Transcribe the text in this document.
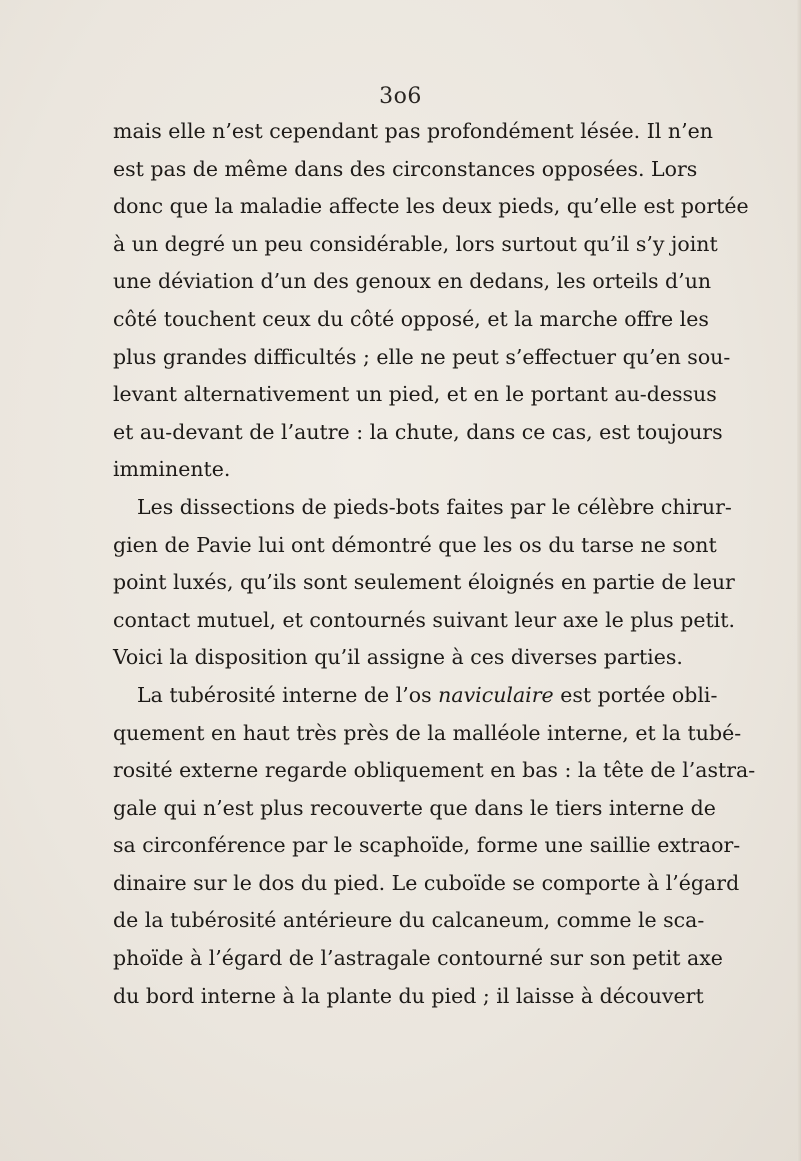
3o6
mais elle n’est cependant pas profondément lésée. Il n’en
est pas de même dans des circonstances opposées. Lors
donc que la maladie affecte les deux pieds, qu’elle est portée
à un degré un peu considérable, lors surtout qu’il s’y joint
une déviation d’un des genoux en dedans, les orteils d’un
côté touchent ceux du côté opposé, et la marche offre les
plus grandes difficultés ; elle ne peut s’effectuer qu’en sou-
levant alternativement un pied, et en le portant au-dessus
et au-devant de l’autre : la chute, dans ce cas, est toujours
imminente.
Les dissections de pieds-bots faites par le célèbre chirur-
gien de Pavie lui ont démontré que les os du tarse ne sont
point luxés, qu’ils sont seulement éloignés en partie de leur
contact mutuel, et contournés suivant leur axe le plus petit.
Voici la disposition qu’il assigne à ces diverses parties.
La tubérosité interne de l’os naviculaire est portée obli-
quement en haut très près de la malléole interne, et la tubé-
rosité externe regarde obliquement en bas : la tête de l’astra-
gale qui n’est plus recouverte que dans le tiers interne de
sa circonférence par le scaphoïde, forme une saillie extraor-
dinaire sur le dos du pied. Le cuboïde se comporte à l’égard
de la tubérosité antérieure du calcaneum, comme le sca-
phoïde à l’égard de l’astragale contourné sur son petit axe
du bord interne à la plante du pied ; il laisse à découvert
